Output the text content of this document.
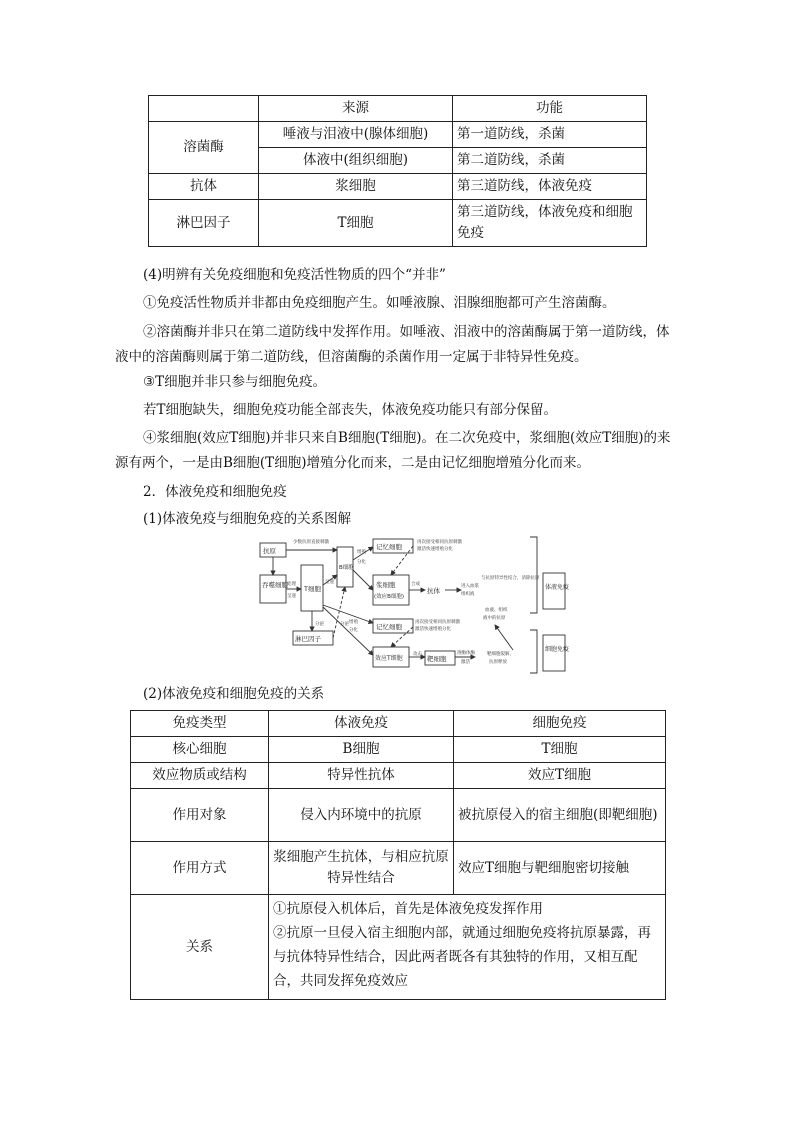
	来源	功能
溶菌酶	唾液与泪液中(腺体细胞)	第一道防线，杀菌
	体液中(组织细胞)	第二道防线，杀菌
抗体	浆细胞	第三道防线，体液免疫
淋巴因子	T细胞	第三道防线，体液免疫和细胞免疫

(4)明辨有关免疫细胞和免疫活性物质的四个“并非”

①免疫活性物质并非都由免疫细胞产生。如唾液腺、泪腺细胞都可产生溶菌酶。

②溶菌酶并非只在第二道防线中发挥作用。如唾液、泪液中的溶菌酶属于第一道防线，体液中的溶菌酶则属于第二道防线，但溶菌酶的杀菌作用一定属于非特异性免疫。

③T细胞并非只参与细胞免疫。

若T细胞缺失，细胞免疫功能全部丧失，体液免疫功能只有部分保留。

④浆细胞(效应T细胞)并非只来自B细胞(T细胞)。在二次免疫中，浆细胞(效应T细胞)的来源有两个，一是由B细胞(T细胞)增殖分化而来，二是由记忆细胞增殖分化而来。

2．体液免疫和细胞免疫

(1)体液免疫与细胞免疫的关系图解

抗原
吞噬细胞 T细胞
B细胞
淋巴因子
记忆细胞
浆细胞
(效应B细胞)
抗体
记忆细胞
效应T细胞	靶细胞
体液免疫
细胞免疫
少数抗原直接刺激
处理
呈递
呈递
增殖
分化
分泌	分泌 增殖
分化
合成
再次接受相同抗原刺激
激活快速增殖分化
再次接受相同抗原刺激
激活快速增殖分化
进入血浆
组织液
与抗原特异性结合，清除抗原
血液、组织
液中的抗原
攻击	溶酶体酶
激活
靶细胞裂解，
抗原释放

(2)体液免疫和细胞免疫的关系

免疫类型	体液免疫	细胞免疫
核心细胞	B细胞	T细胞
效应物质或结构	特异性抗体	效应T细胞
作用对象	侵入内环境中的抗原	被抗原侵入的宿主细胞(即靶细胞)
作用方式	浆细胞产生抗体，与相应抗原特异性结合	效应T细胞与靶细胞密切接触
关系	①抗原侵入机体后，首先是体液免疫发挥作用
②抗原一旦侵入宿主细胞内部，就通过细胞免疫将抗原暴露，再与抗体特异性结合，因此两者既各有其独特的作用，又相互配合，共同发挥免疫效应	
